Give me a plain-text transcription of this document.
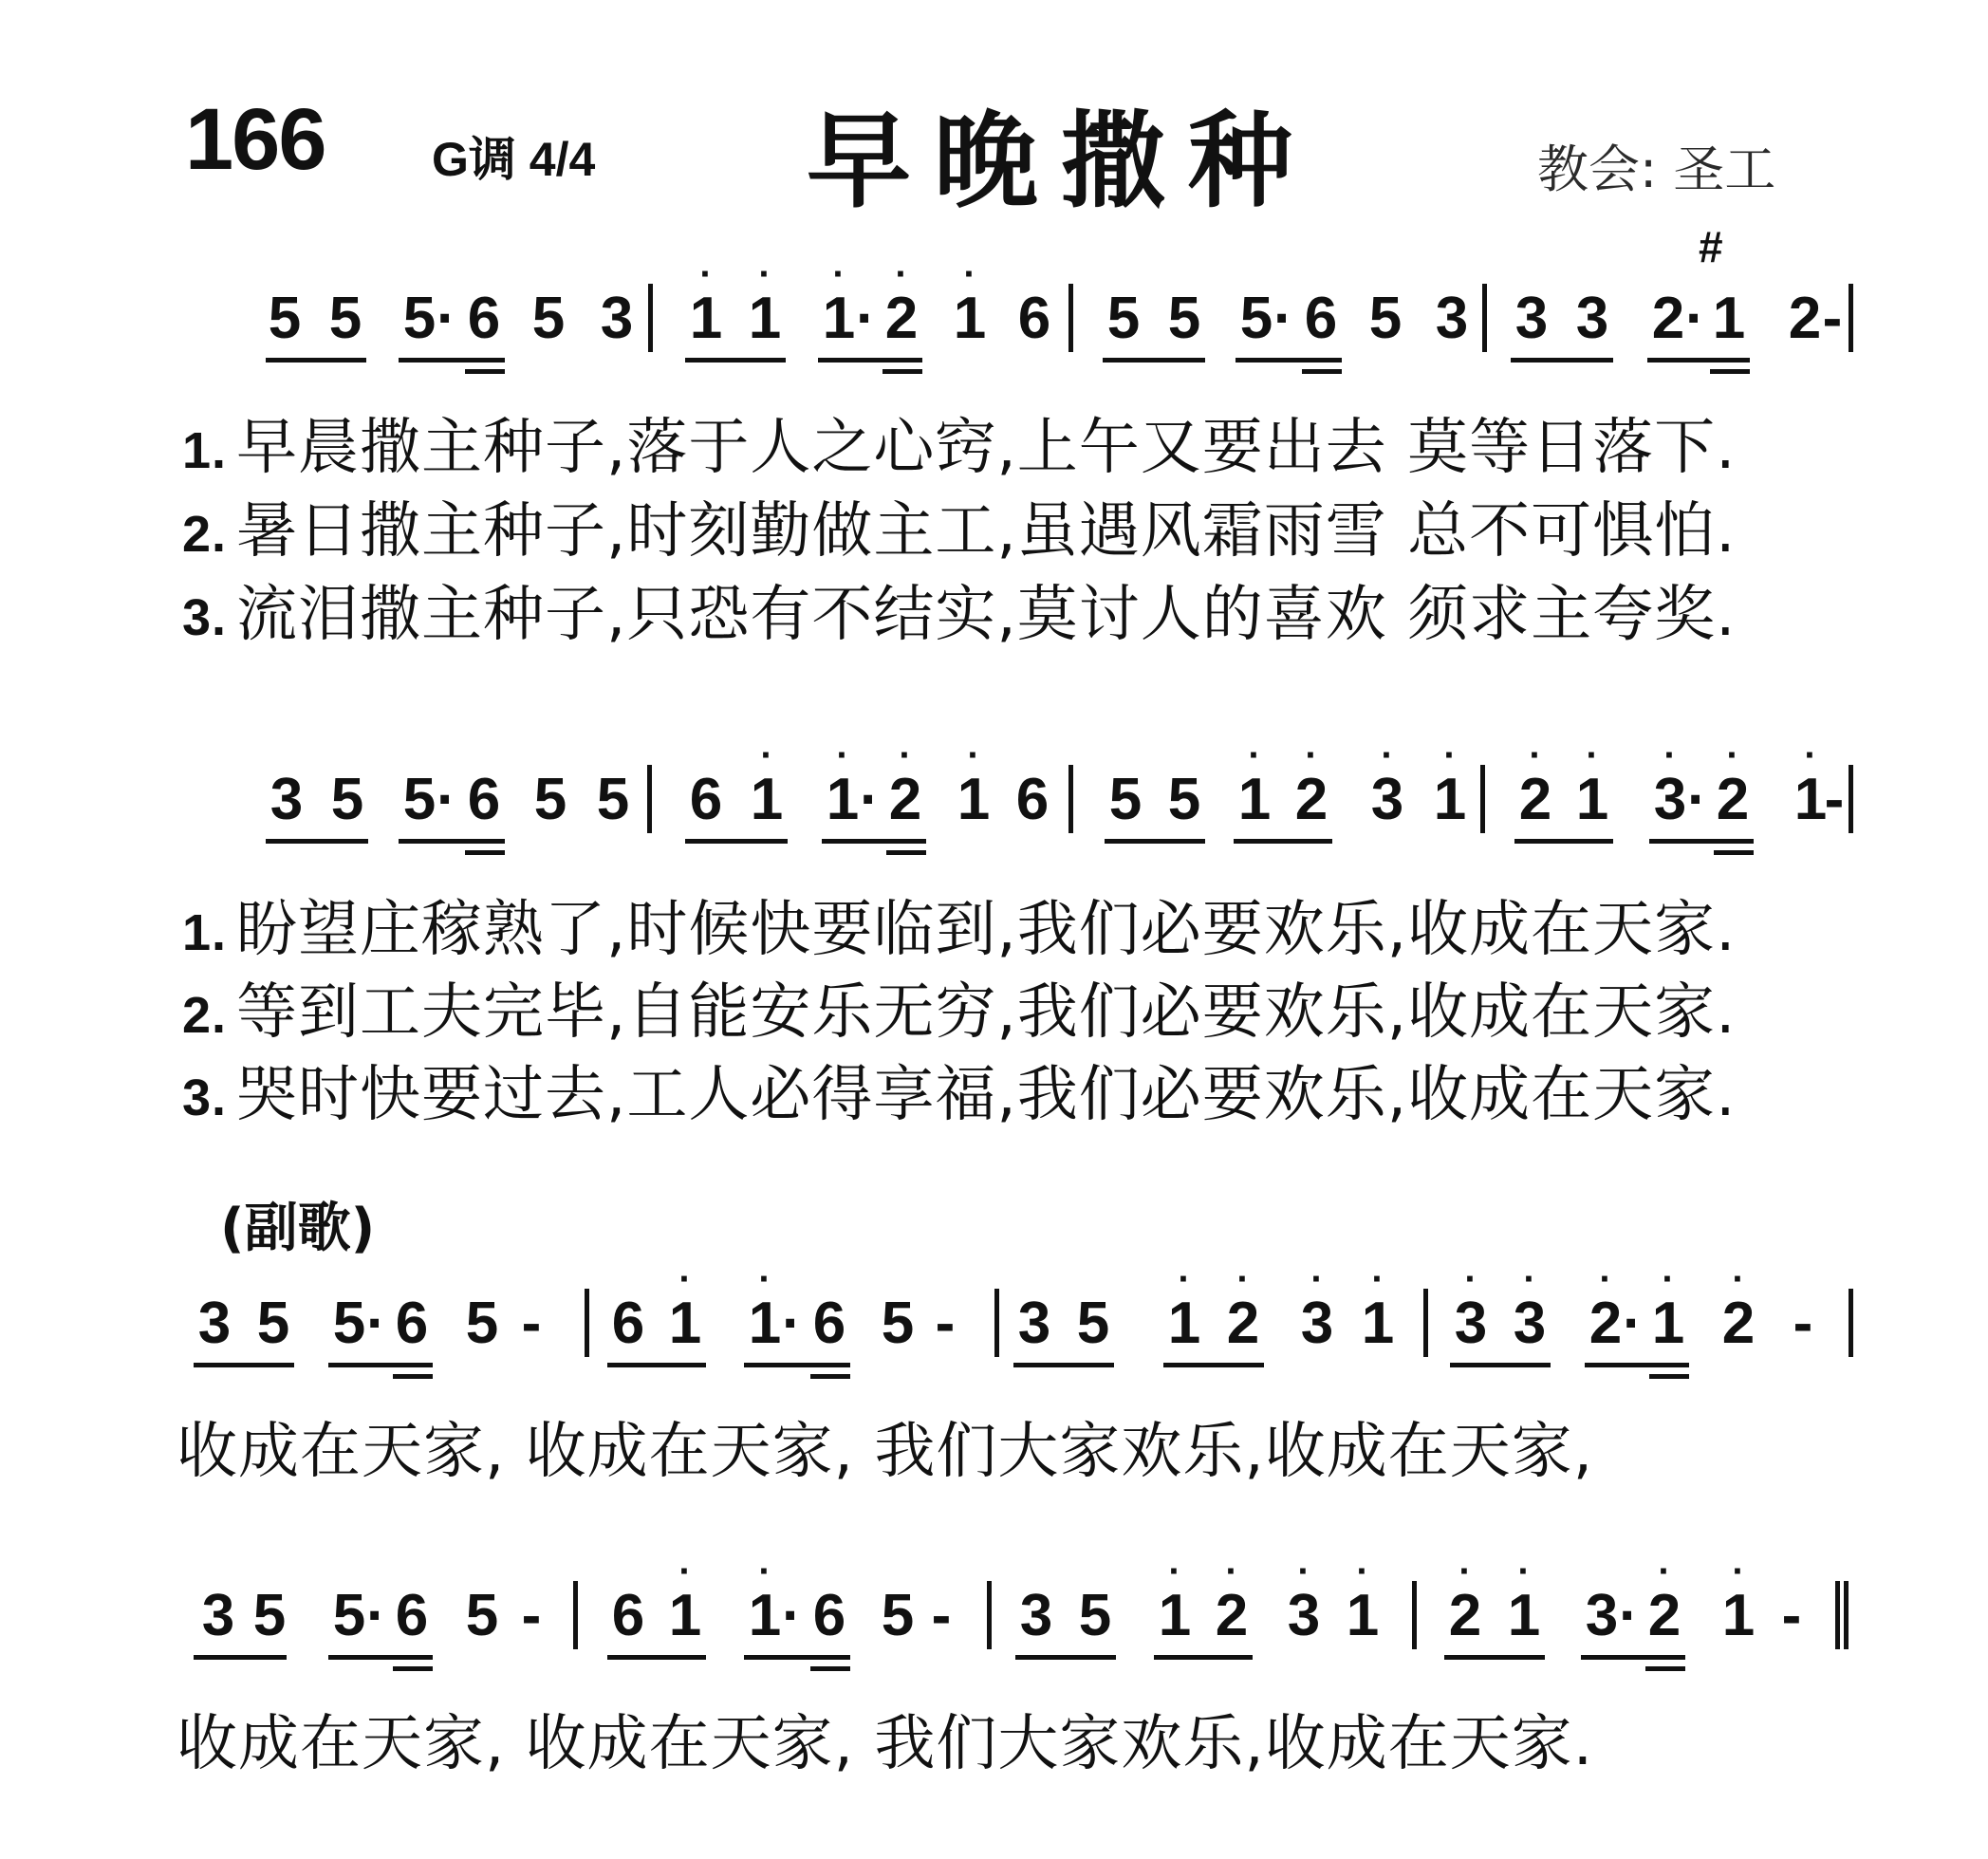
166 G调 4/4 早晚撒种	教会: 圣工
5 5 5 · 6 5 3 1
·
1
·
1
·
· 2
·
1
·
6 5 5 5 · 6 5 3 3 3 2 · 1
#
2 -
1. 早晨撒主种子,落于人之心窍,上午又要出去 莫等日落下.
2. 暑日撒主种子,时刻勤做主工,虽遇风霜雨雪 总不可惧怕.
3. 流泪撒主种子,只恐有不结实,莫讨人的喜欢 须求主夸奖.
3 5 5 · 6 5 5 6 1
·
1
·
· 2
·
1
·
6 5 5 1
·
2
·
3
·
1
·
2
·
1
·
3
·
· 2
·
1
·
-
1. 盼望庄稼熟了,时候快要临到,我们必要欢乐,收成在天家.
2. 等到工夫完毕,自能安乐无穷,我们必要欢乐,收成在天家.
3. 哭时快要过去,工人必得享福,我们必要欢乐,收成在天家.
(副歌)
3 5 5 · 6 5 - 6 1
·
1
·
· 6 5 - 3 5 1
·
2
·
3
·
1
·
3
·
3
·
2
·
· 1
·
2
·
-
收成在天家, 收成在天家, 我们大家欢乐,收成在天家,
3 5 5 · 6 5 - 6 1
·
1
·
· 6 5 - 3 5 1
·
2
·
3
·
1
·
2
·
1
·
3 · 2
·
1
·
-
收成在天家, 收成在天家, 我们大家欢乐,收成在天家.
